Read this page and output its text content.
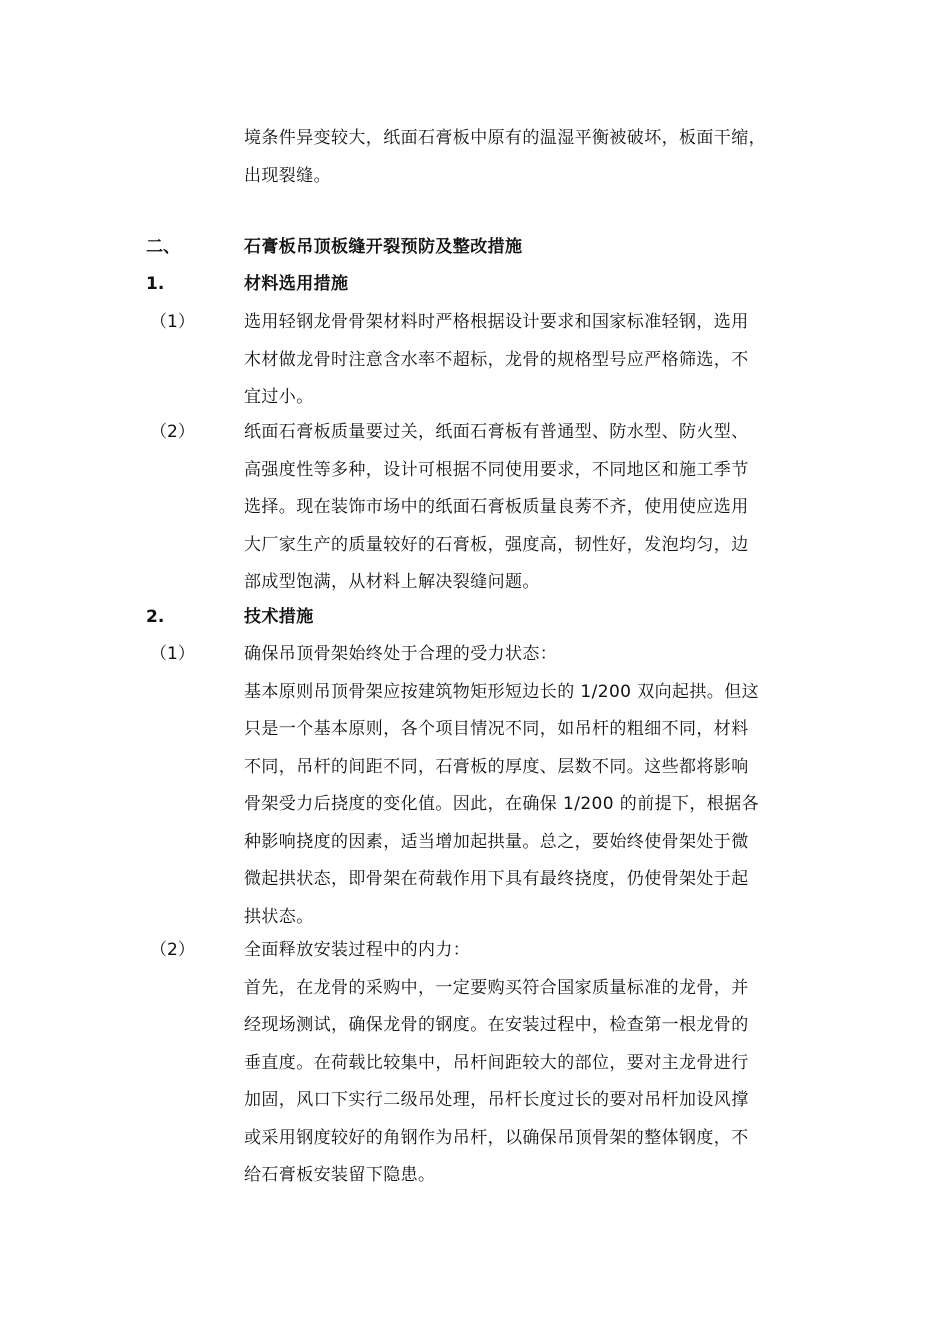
境条件异变较大，纸面石膏板中原有的温湿平衡被破坏，板面干缩，
出现裂缝。

二、	石膏板吊顶板缝开裂预防及整改措施

1.	材料选用措施

（1）	选用轻钢龙骨骨架材料时严格根据设计要求和国家标准轻钢，选用
木材做龙骨时注意含水率不超标，龙骨的规格型号应严格筛选，不
宜过小。

（2）	纸面石膏板质量要过关，纸面石膏板有普通型、防水型、防火型、
高强度性等多种，设计可根据不同使用要求，不同地区和施工季节
选择。现在装饰市场中的纸面石膏板质量良莠不齐，使用使应选用
大厂家生产的质量较好的石膏板，强度高，韧性好，发泡均匀，边
部成型饱满，从材料上解决裂缝问题。

2.	技术措施

（1）	确保吊顶骨架始终处于合理的受力状态：
基本原则吊顶骨架应按建筑物矩形短边长的 1/200 双向起拱。但这
只是一个基本原则，各个项目情况不同，如吊杆的粗细不同，材料
不同，吊杆的间距不同，石膏板的厚度、层数不同。这些都将影响
骨架受力后挠度的变化值。因此，在确保 1/200 的前提下，根据各
种影响挠度的因素，适当增加起拱量。总之，要始终使骨架处于微
微起拱状态，即骨架在荷载作用下具有最终挠度，仍使骨架处于起
拱状态。

（2）	全面释放安装过程中的内力：
首先，在龙骨的采购中，一定要购买符合国家质量标准的龙骨，并
经现场测试，确保龙骨的钢度。在安装过程中，检查第一根龙骨的
垂直度。在荷载比较集中，吊杆间距较大的部位，要对主龙骨进行
加固，风口下实行二级吊处理，吊杆长度过长的要对吊杆加设风撑
或采用钢度较好的角钢作为吊杆，以确保吊顶骨架的整体钢度，不
给石膏板安装留下隐患。
